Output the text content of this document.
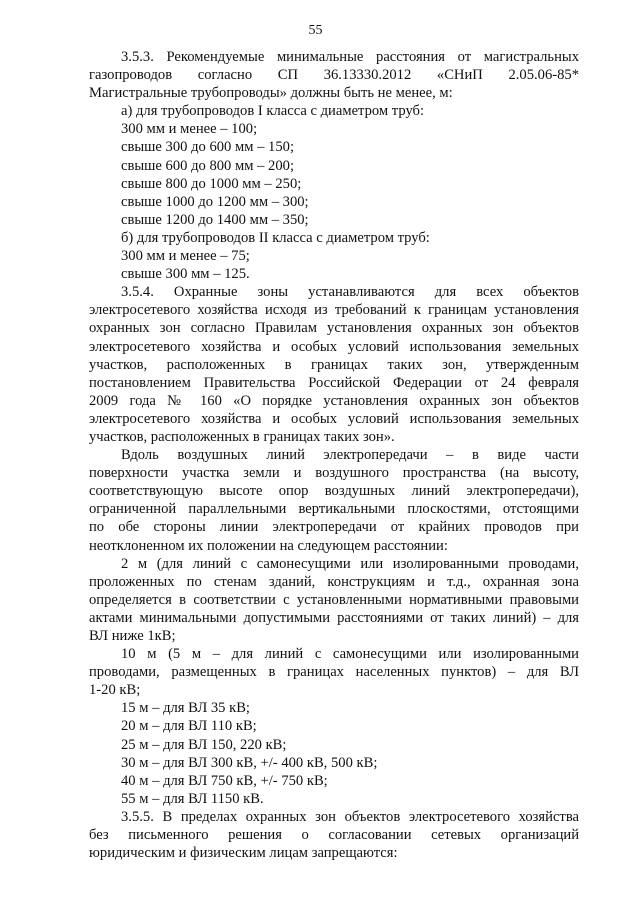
55
3.5.3. Рекомендуемые минимальные расстояния от магистральных
газопроводов согласно СП 36.13330.2012 «СНиП 2.05.06-85*
Магистральные трубопроводы» должны быть не менее, м:
а) для трубопроводов I класса с диаметром труб:
300 мм и менее – 100;
свыше 300 до 600 мм – 150;
свыше 600 до 800 мм – 200;
свыше 800 до 1000 мм – 250;
свыше 1000 до 1200 мм – 300;
свыше 1200 до 1400 мм – 350;
б) для трубопроводов II класса с диаметром труб:
300 мм и менее – 75;
свыше 300 мм – 125.
3.5.4. Охранные зоны устанавливаются для всех объектов
электросетевого хозяйства исходя из требований к границам установления
охранных зон согласно Правилам установления охранных зон объектов
электросетевого хозяйства и особых условий использования земельных
участков, расположенных в границах таких зон, утвержденным
постановлением Правительства Российской Федерации от 24 февраля
2009 года № 160 «О порядке установления охранных зон объектов
электросетевого хозяйства и особых условий использования земельных
участков, расположенных в границах таких зон».
Вдоль воздушных линий электропередачи – в виде части
поверхности участка земли и воздушного пространства (на высоту,
соответствующую высоте опор воздушных линий электропередачи),
ограниченной параллельными вертикальными плоскостями, отстоящими
по обе стороны линии электропередачи от крайних проводов при
неотклоненном их положении на следующем расстоянии:
2 м (для линий с самонесущими или изолированными проводами,
проложенных по стенам зданий, конструкциям и т.д., охранная зона
определяется в соответствии с установленными нормативными правовыми
актами минимальными допустимыми расстояниями от таких линий) – для
ВЛ ниже 1кВ;
10 м (5 м – для линий с самонесущими или изолированными
проводами, размещенных в границах населенных пунктов) – для ВЛ
1-20 кВ;
15 м – для ВЛ 35 кВ;
20 м – для ВЛ 110 кВ;
25 м – для ВЛ 150, 220 кВ;
30 м – для ВЛ 300 кВ, +/- 400 кВ, 500 кВ;
40 м – для ВЛ 750 кВ, +/- 750 кВ;
55 м – для ВЛ 1150 кВ.
3.5.5. В пределах охранных зон объектов электросетевого хозяйства
без письменного решения о согласовании сетевых организаций
юридическим и физическим лицам запрещаются:
